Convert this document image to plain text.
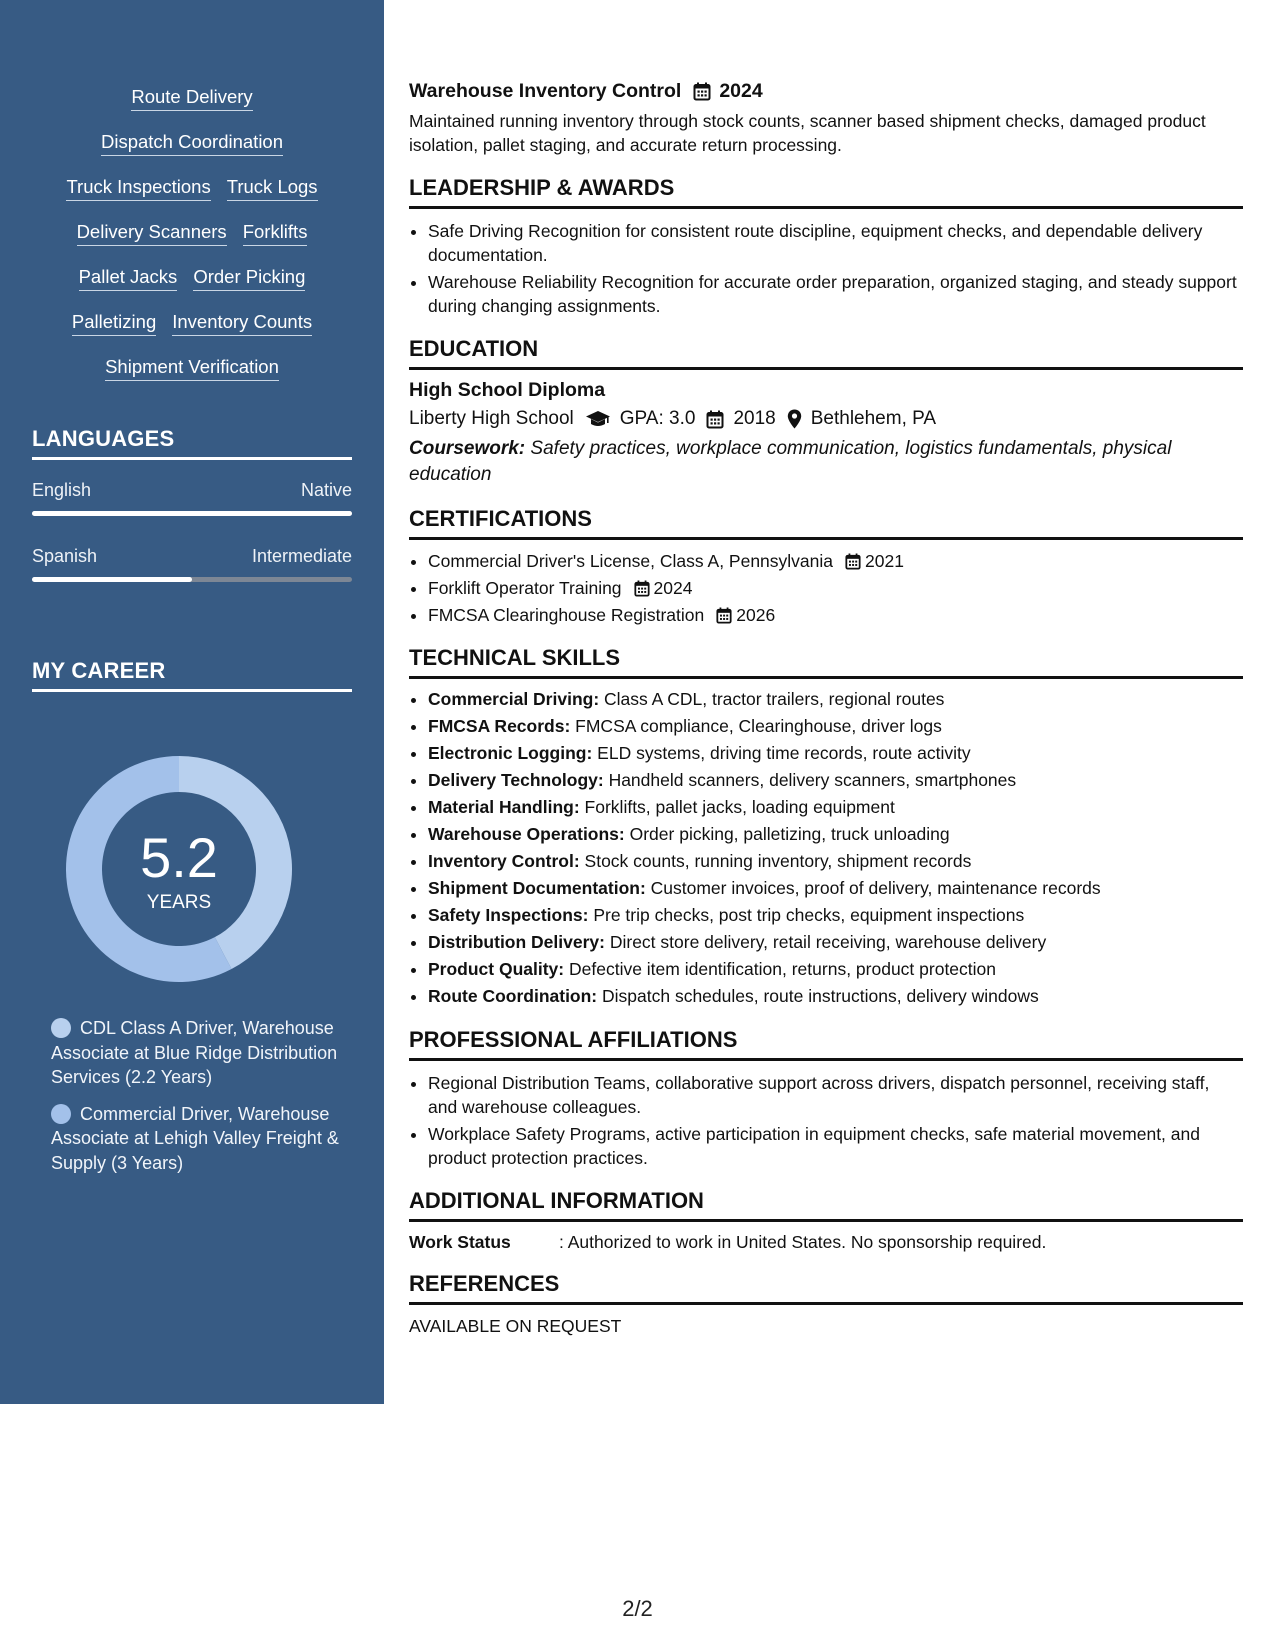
Route Delivery
Dispatch Coordination
Truck Inspections Truck Logs
Delivery Scanners Forklifts
Pallet Jacks Order Picking
Palletizing Inventory Counts
Shipment Verification
LANGUAGES
English	Native
Spanish	Intermediate
MY CAREER
5.2
YEARS
CDL Class A Driver, Warehouse Associate at Blue Ridge Distribution Services (2.2 Years)
Commercial Driver, Warehouse Associate at Lehigh Valley Freight & Supply (3 Years)
Warehouse Inventory Control 2024
Maintained running inventory through stock counts, scanner based shipment checks, damaged product isolation, pallet staging, and accurate return processing.
LEADERSHIP & AWARDS
• Safe Driving Recognition for consistent route discipline, equipment checks, and dependable delivery documentation.
• Warehouse Reliability Recognition for accurate order preparation, organized staging, and steady support during changing assignments.
EDUCATION
High School Diploma
Liberty High School GPA: 3.0 2018 Bethlehem, PA
Coursework: Safety practices, workplace communication, logistics fundamentals, physical education
CERTIFICATIONS
• Commercial Driver's License, Class A, Pennsylvania 2021
• Forklift Operator Training 2024
• FMCSA Clearinghouse Registration 2026
TECHNICAL SKILLS
• Commercial Driving: Class A CDL, tractor trailers, regional routes
• FMCSA Records: FMCSA compliance, Clearinghouse, driver logs
• Electronic Logging: ELD systems, driving time records, route activity
• Delivery Technology: Handheld scanners, delivery scanners, smartphones
• Material Handling: Forklifts, pallet jacks, loading equipment
• Warehouse Operations: Order picking, palletizing, truck unloading
• Inventory Control: Stock counts, running inventory, shipment records
• Shipment Documentation: Customer invoices, proof of delivery, maintenance records
• Safety Inspections: Pre trip checks, post trip checks, equipment inspections
• Distribution Delivery: Direct store delivery, retail receiving, warehouse delivery
• Product Quality: Defective item identification, returns, product protection
• Route Coordination: Dispatch schedules, route instructions, delivery windows
PROFESSIONAL AFFILIATIONS
• Regional Distribution Teams, collaborative support across drivers, dispatch personnel, receiving staff, and warehouse colleagues.
• Workplace Safety Programs, active participation in equipment checks, safe material movement, and product protection practices.
ADDITIONAL INFORMATION
Work Status	: Authorized to work in United States. No sponsorship required.
REFERENCES
AVAILABLE ON REQUEST
2/2
